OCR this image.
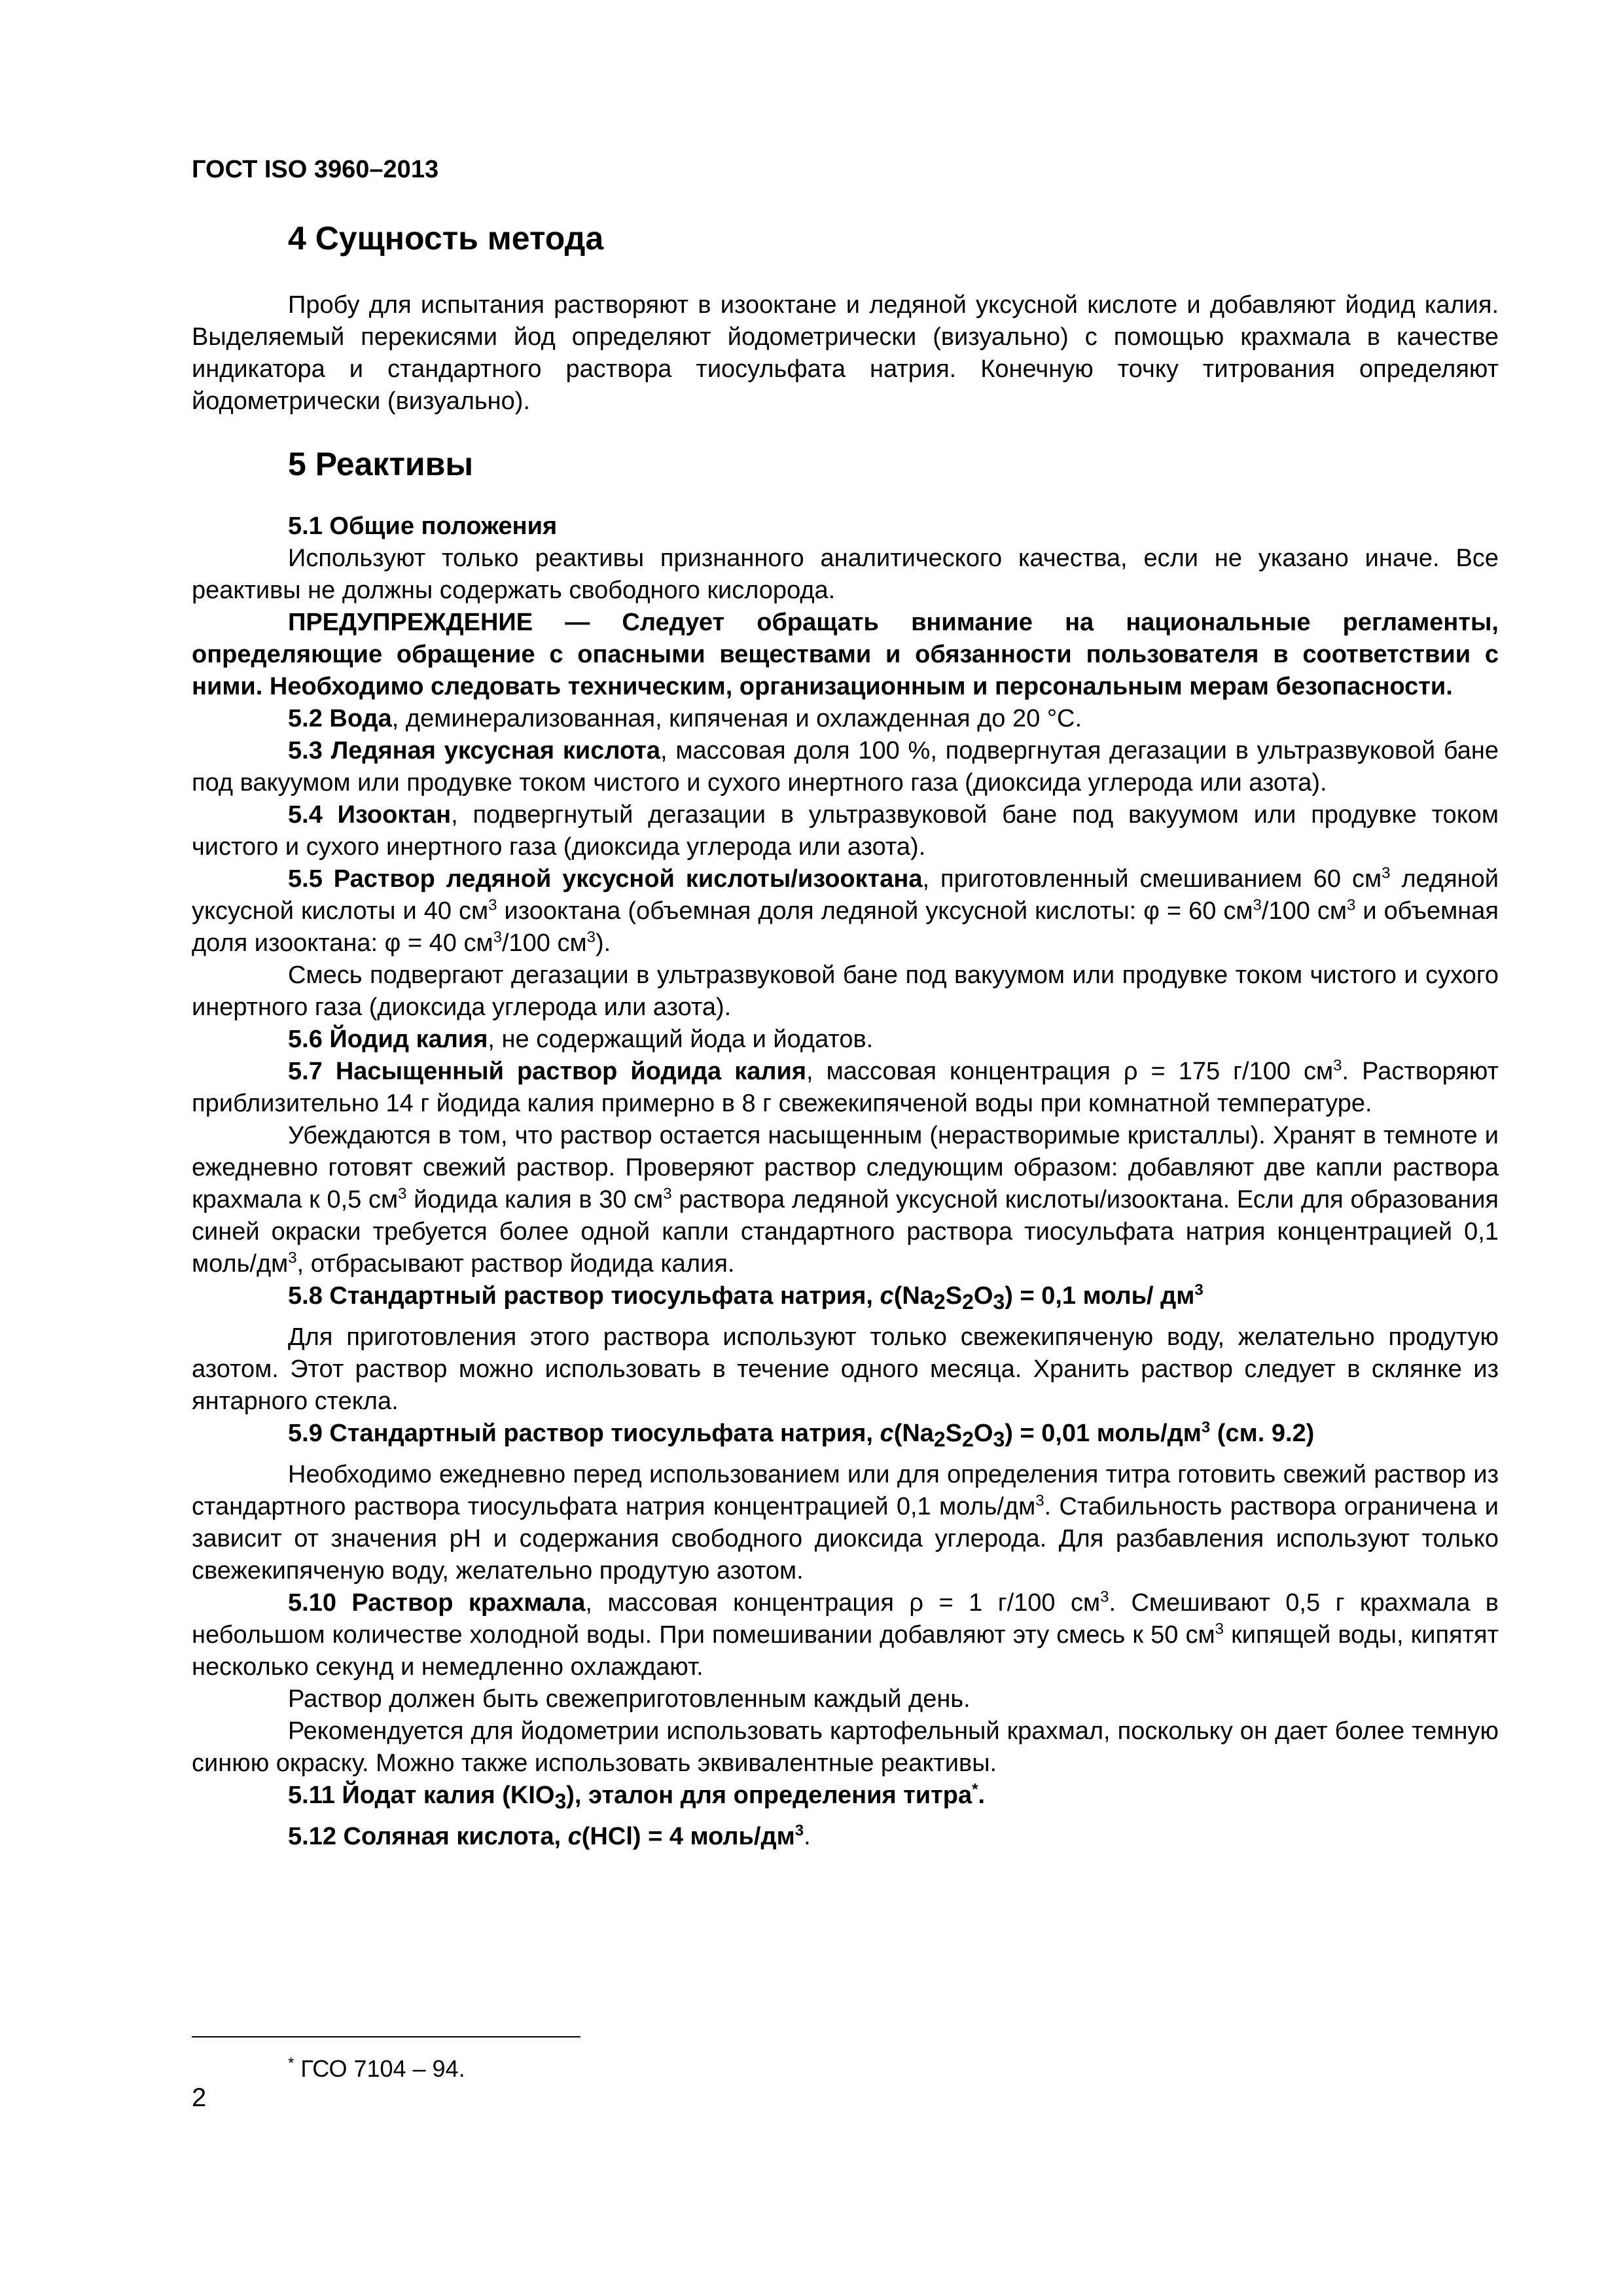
ГОСТ ISO 3960–2013
4 Сущность метода

Пробу для испытания растворяют в изооктане и ледяной уксусной кислоте и добавляют йодид калия. Выделяемый перекисями йод определяют йодометрически (визуально) с помощью крахмала в качестве индикатора и стандартного раствора тиосульфата натрия. Конечную точку титрования определяют йодометрически (визуально).

5 Реактивы

5.1 Общие положения

Используют только реактивы признанного аналитического качества, если не указано иначе. Все реактивы не должны содержать свободного кислорода.

ПРЕДУПРЕЖДЕНИЕ — Следует обращать внимание на национальные регламенты, определяющие обращение с опасными веществами и обязанности пользователя в соответствии с ними. Необходимо следовать техническим, организационным и персональным мерам безопасности.

5.2 Вода, деминерализованная, кипяченая и охлажденная до 20 °С.

5.3 Ледяная уксусная кислота, массовая доля 100 %, подвергнутая дегазации в ультразвуковой бане под вакуумом или продувке током чистого и сухого инертного газа (диоксида углерода или азота).

5.4 Изооктан, подвергнутый дегазации в ультразвуковой бане под вакуумом или продувке током чистого и сухого инертного газа (диоксида углерода или азота).

5.5 Раствор ледяной уксусной кислоты/изооктана, приготовленный смешиванием 60 $см^3$ ледяной уксусной кислоты и 40 $см^3$ изооктана (объемная доля ледяной уксусной кислоты: φ = 60 $см^3/100$ $см^3$ и объемная доля изооктана: φ = 40 $см^3/100$ $см^3$).

Смесь подвергают дегазации в ультразвуковой бане под вакуумом или продувке током чистого и сухого инертного газа (диоксида углерода или азота).

5.6 Йодид калия, не содержащий йода и йодатов.

5.7 Насыщенный раствор йодида калия, массовая концентрация ρ = 175 г/100 $см^3$. Растворяют приблизительно 14 г йодида калия примерно в 8 г свежекипяченой воды при комнатной температуре.

Убеждаются в том, что раствор остается насыщенным (нерастворимые кристаллы). Хранят в темноте и ежедневно готовят свежий раствор. Проверяют раствор следующим образом: добавляют две капли раствора крахмала к 0,5 $см^3$ йодида калия в 30 $см^3$ раствора ледяной уксусной кислоты/изооктана. Если для образования синей окраски требуется более одной капли стандартного раствора тиосульфата натрия концентрацией 0,1 моль/$дм^3$, отбрасывают раствор йодида калия.

5.8 Стандартный раствор тиосульфата натрия, $c(Na_2S_2O_3) = 0,1$ моль/ $дм^3$

Для приготовления этого раствора используют только свежекипяченую воду, желательно продутую азотом. Этот раствор можно использовать в течение одного месяца. Хранить раствор следует в склянке из янтарного стекла.

5.9 Стандартный раствор тиосульфата натрия, $c(Na_2S_2O_3) = 0,01$ моль/$дм^3$ (см. 9.2)

Необходимо ежедневно перед использованием или для определения титра готовить свежий раствор из стандартного раствора тиосульфата натрия концентрацией 0,1 моль/$дм^3$. Стабильность раствора ограничена и зависит от значения pH и содержания свободного диоксида углерода. Для разбавления используют только свежекипяченую воду, желательно продутую азотом.

5.10 Раствор крахмала, массовая концентрация ρ = 1 г/100 $см^3$. Смешивают 0,5 г крахмала в небольшом количестве холодной воды. При помешивании добавляют эту смесь к 50 $см^3$ кипящей воды, кипятят несколько секунд и немедленно охлаждают.

Раствор должен быть свежеприготовленным каждый день.

Рекомендуется для йодометрии использовать картофельный крахмал, поскольку он дает более темную синюю окраску. Можно также использовать эквивалентные реактивы.

5.11 Йодат калия $(KIO_3)$, эталон для определения титра*.

5.12 Соляная кислота, c(HCl) = 4 моль/$дм^3$.

* ГСО 7104 – 94.
2
